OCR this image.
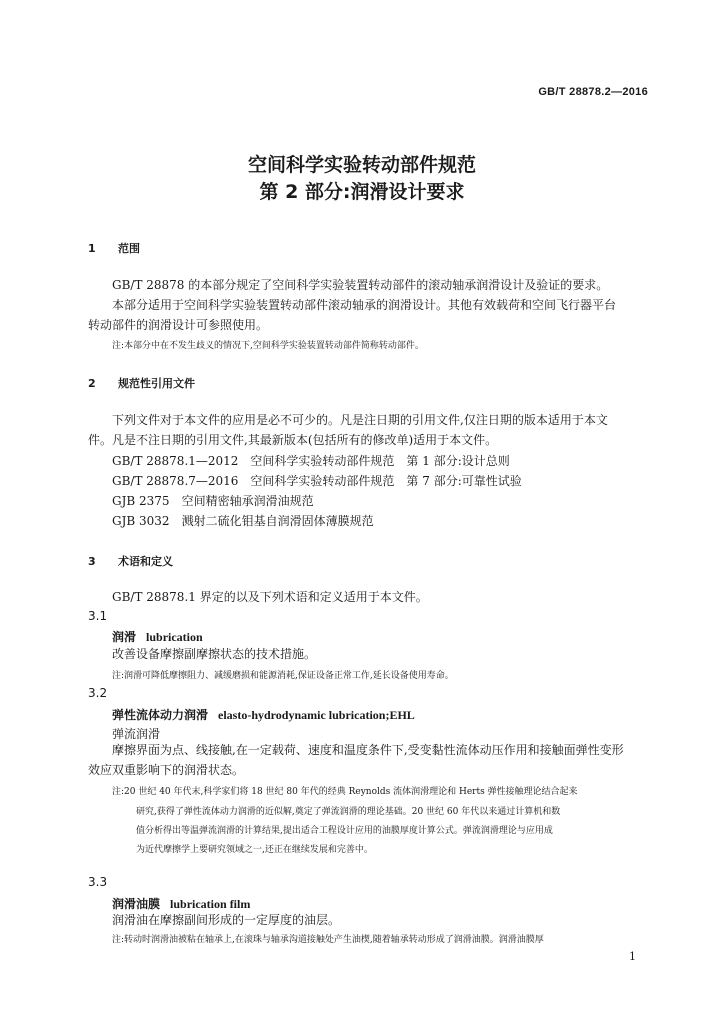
GB/T 28878.2—2016
空间科学实验转动部件规范
第 2 部分:润滑设计要求
1 范围
GB/T 28878 的本部分规定了空间科学实验装置转动部件的滚动轴承润滑设计及验证的要求。
本部分适用于空间科学实验装置转动部件滚动轴承的润滑设计。其他有效载荷和空间飞行器平台
转动部件的润滑设计可参照使用。
注:本部分中在不发生歧义的情况下,空间科学实验装置转动部件简称转动部件。
2 规范性引用文件
下列文件对于本文件的应用是必不可少的。凡是注日期的引用文件,仅注日期的版本适用于本文
件。凡是不注日期的引用文件,其最新版本(包括所有的修改单)适用于本文件。
GB/T 28878.1—2012　空间科学实验转动部件规范　第 1 部分:设计总则
GB/T 28878.7—2016　空间科学实验转动部件规范　第 7 部分:可靠性试验
GJB 2375　空间精密轴承润滑油规范
GJB 3032　溅射二硫化钼基自润滑固体薄膜规范
3 术语和定义
GB/T 28878.1 界定的以及下列术语和定义适用于本文件。
3.1
润滑 lubrication
改善设备摩擦副摩擦状态的技术措施。
注:润滑可降低摩擦阻力、减缓磨损和能源消耗,保证设备正常工作,延长设备使用寿命。
3.2
弹性流体动力润滑 elasto-hydrodynamic lubrication;EHL
弹流润滑
摩擦界面为点、线接触,在一定载荷、速度和温度条件下,受变黏性流体动压作用和接触面弹性变形
效应双重影响下的润滑状态。
注:20 世纪 40 年代末,科学家们将 18 世纪 80 年代的经典 Reynolds 流体润滑理论和 Herts 弹性接触理论结合起来
研究,获得了弹性流体动力润滑的近似解,奠定了弹流润滑的理论基础。20 世纪 60 年代以来通过计算机和数
值分析得出等温弹流润滑的计算结果,提出适合工程设计应用的油膜厚度计算公式。弹流润滑理论与应用成
为近代摩擦学上要研究领域之一,还正在继续发展和完善中。
3.3
润滑油膜 lubrication film
润滑油在摩擦副间形成的一定厚度的油层。
注:转动时润滑油被粘在轴承上,在滚珠与轴承沟道接触处产生油楔,随着轴承转动形成了润滑油膜。润滑油膜厚
1
